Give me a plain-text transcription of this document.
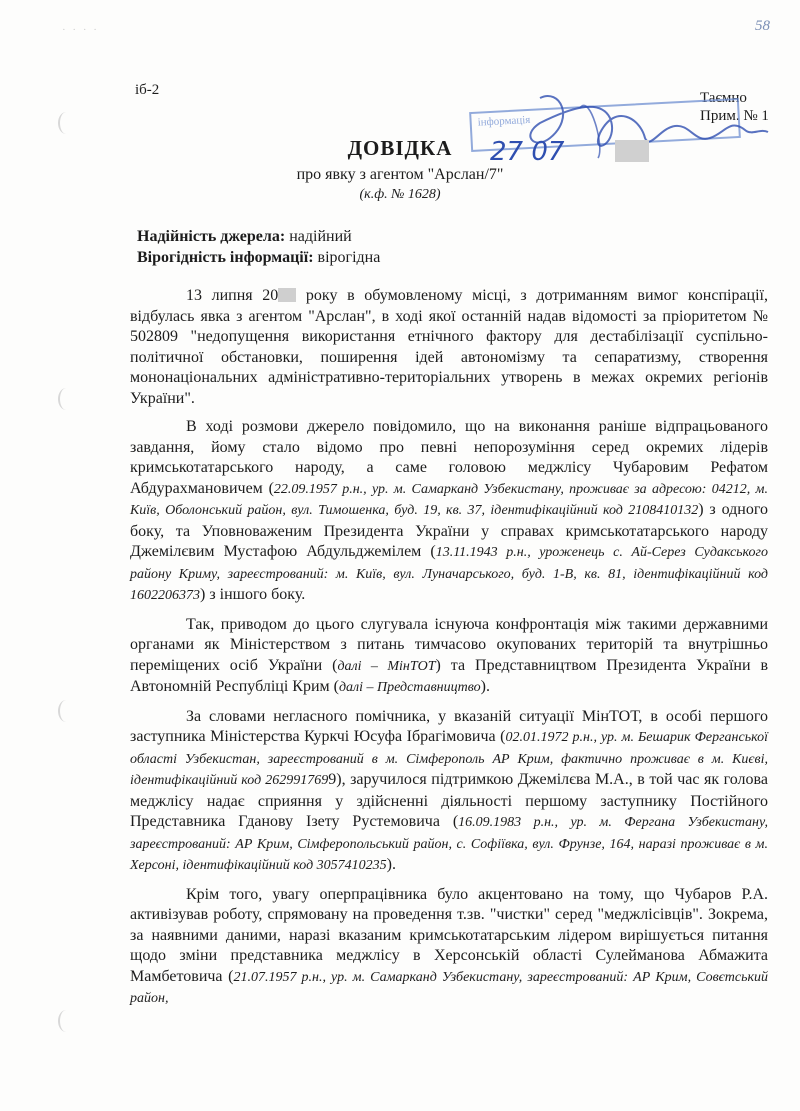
· · · ·	58
іб-2	Таємно
Прим. № 1
інформація
27 07
ДОВІДКА
про явку з агентом "Арслан/7"
(к.ф. № 1628)
Надійність джерела: надійний
Вірогідність інформації: вірогідна

13 липня 20 року в обумовленому місці, з дотриманням вимог конспірації, відбулась явка з агентом "Арслан", в ході якої останній надав відомості за пріоритетом № 502809 "недопущення використання етнічного фактору для дестабілізації суспільно-політичної обстановки, поширення ідей автономізму та сепаратизму, створення мононаціональних адміністративно-територіальних утворень в межах окремих регіонів України".

В ході розмови джерело повідомило, що на виконання раніше відпрацьованого завдання, йому стало відомо про певні непорозуміння серед окремих лідерів кримськотатарського народу, а саме головою меджлісу Чубаровим Рефатом Абдурахмановичем (22.09.1957 р.н., ур. м. Самарканд Узбекистану, проживає за адресою: 04212, м. Київ, Оболонський район, вул. Тимошенка, буд. 19, кв. 37, ідентифікаційний код 2108410132) з одного боку, та Уповноваженим Президента України у справах кримськотатарського народу Джемілєвим Мустафою Абдульджемілем (13.11.1943 р.н., уроженець с. Ай-Серез Судакського району Криму, зареєстрований: м. Київ, вул. Луначарського, буд. 1-В, кв. 81, ідентифікаційний код 1602206373) з іншого боку.

Так, приводом до цього слугувала існуюча конфронтація між такими державними органами як Міністерством з питань тимчасово окупованих територій та внутрішньо переміщених осіб України (далі – МінТОТ) та Представництвом Президента України в Автономній Республіці Крим (далі – Представництво).

За словами негласного помічника, у вказаній ситуації МінТОТ, в особі першого заступника Міністерства Куркчі Юсуфа Ібрагімовича (02.01.1972 р.н., ур. м. Бешарик Ферганської області Узбекистан, зареєстрований в м. Сімферополь АР Крим, фактично проживає в м. Києві, ідентифікаційний код 2629917699), заручилося підтримкою Джемілєва М.А., в той час як голова меджлісу надає сприяння у здійсненні діяльності першому заступнику Постійного Представника Гданову Ізету Рустемовича (16.09.1983 р.н., ур. м. Фергана Узбекистану, зареєстрований: АР Крим, Сімферопольський район, с. Софіївка, вул. Фрунзе, 164, наразі проживає в м. Херсоні, ідентифікаційний код 3057410235).

Крім того, увагу оперпрацівника було акцентовано на тому, що Чубаров Р.А. активізував роботу, спрямовану на проведення т.зв. "чистки" серед "меджлісівців". Зокрема, за наявними даними, наразі вказаним кримськотатарським лідером вирішується питання щодо зміни представника меджлісу в Херсонській області Сулейманова Абмажита Мамбетовича (21.07.1957 р.н., ур. м. Самарканд Узбекистану, зареєстрований: АР Крим, Совєтський район,
